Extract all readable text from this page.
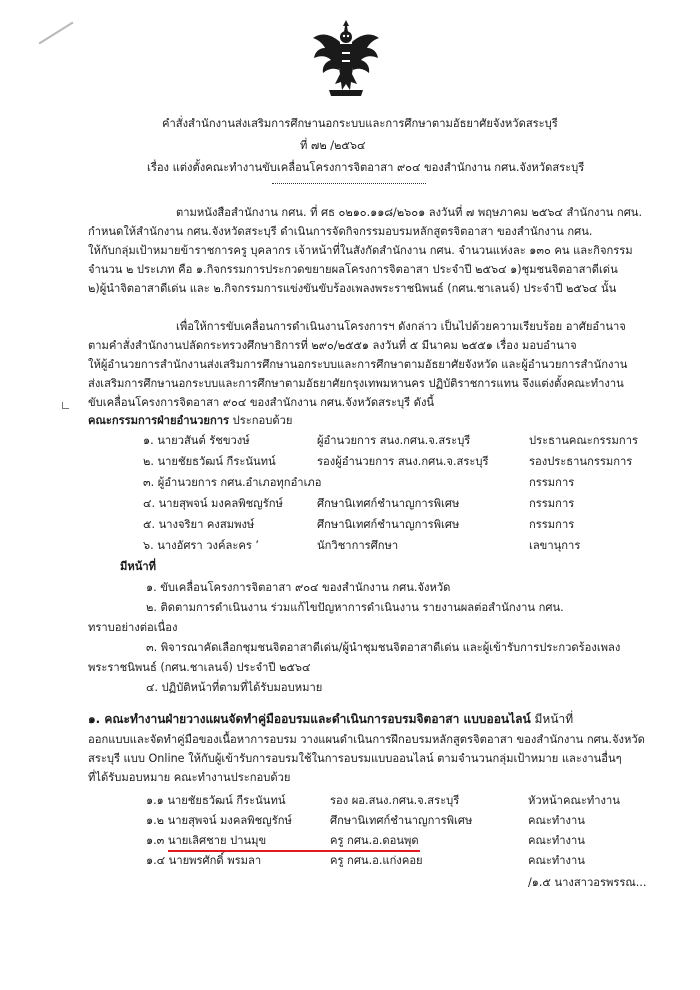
คำสั่งสำนักงานส่งเสริมการศึกษานอกระบบและการศึกษาตามอัธยาศัยจังหวัดสระบุรี
ที่ ๗๒ /๒๕๖๔
เรื่อง แต่งตั้งคณะทำงานขับเคลื่อนโครงการจิตอาสา ๙๐๔ ของสำนักงาน กศน.จังหวัดสระบุรี
ตามหนังสือสำนักงาน กศน. ที่ ศธ ๐๒๑๐.๑๑๘/๒๖๐๑ ลงวันที่ ๗ พฤษภาคม ๒๕๖๔ สำนักงาน กศน.
กำหนดให้สำนักงาน กศน.จังหวัดสระบุรี ดำเนินการจัดกิจกรรมอบรมหลักสูตรจิตอาสา ของสำนักงาน กศน.
ให้กับกลุ่มเป้าหมายข้าราชการครู บุคลากร เจ้าหน้าที่ในสังกัดสำนักงาน กศน. จำนวนแห่งละ ๑๓๐ คน และกิจกรรม
จำนวน ๒ ประเภท คือ ๑.กิจกรรมการประกวดขยายผลโครงการจิตอาสา ประจำปี ๒๕๖๔ ๑)ชุมชนจิตอาสาดีเด่น
๒)ผู้นำจิตอาสาดีเด่น และ ๒.กิจกรรมการแข่งขันขับร้องเพลงพระราชนิพนธ์ (กศน.ชาเลนจ์) ประจำปี ๒๕๖๔ นั้น
เพื่อให้การขับเคลื่อนการดำเนินงานโครงการฯ ดังกล่าว เป็นไปด้วยความเรียบร้อย อาศัยอำนาจ
ตามคำสั่งสำนักงานปลัดกระทรวงศึกษาธิการที่ ๒๙๐/๒๕๕๑ ลงวันที่ ๕ มีนาคม ๒๕๕๑ เรื่อง มอบอำนาจ
ให้ผู้อำนวยการสำนักงานส่งเสริมการศึกษานอกระบบและการศึกษาตามอัธยาศัยจังหวัด และผู้อำนวยการสำนักงาน
ส่งเสริมการศึกษานอกระบบและการศึกษาตามอัธยาศัยกรุงเทพมหานคร ปฏิบัติราชการแทน จึงแต่งตั้งคณะทำงาน
ขับเคลื่อนโครงการจิตอาสา ๙๐๔ ของสำนักงาน กศน.จังหวัดสระบุรี ดังนี้
คณะกรรมการฝ่ายอำนวยการ ประกอบด้วย
๑. นายวสันต์ รัชขวงษ์	ผู้อำนวยการ สนง.กศน.จ.สระบุรี	ประธานคณะกรรมการ
๒. นายชัยธวัฒน์ กีระนันทน์	รองผู้อำนวยการ สนง.กศน.จ.สระบุรี	รองประธานกรรมการ
๓. ผู้อำนวยการ กศน.อำเภอทุกอำเภอ	กรรมการ
๔. นายสุพจน์ มงคลพิชญรักษ์	ศึกษานิเทศก์ชำนาญการพิเศษ	กรรมการ
๕. นางจริยา คงสมพงษ์	ศึกษานิเทศก์ชำนาญการพิเศษ	กรรมการ
๖. นางอัศรา วงค์ละคร ’	นักวิชาการศึกษา	เลขานุการ
มีหน้าที่
๑. ขับเคลื่อนโครงการจิตอาสา ๙๐๔ ของสำนักงาน กศน.จังหวัด
๒. ติดตามการดำเนินงาน ร่วมแก้ไขปัญหาการดำเนินงาน รายงานผลต่อสำนักงาน กศน.
ทราบอย่างต่อเนื่อง
๓. พิจารณาคัดเลือกชุมชนจิตอาสาดีเด่น/ผู้นำชุมชนจิตอาสาดีเด่น และผู้เข้ารับการประกวดร้องเพลง
พระราชนิพนธ์ (กศน.ชาเลนจ์) ประจำปี ๒๕๖๔
๔. ปฏิบัติหน้าที่ตามที่ได้รับมอบหมาย
๑. คณะทำงานฝ่ายวางแผนจัดทำคู่มืออบรมและดำเนินการอบรมจิตอาสา แบบออนไลน์ มีหน้าที่
ออกแบบและจัดทำคู่มือของเนื้อหาการอบรม วางแผนดำเนินการฝึกอบรมหลักสูตรจิตอาสา ของสำนักงาน กศน.จังหวัด
สระบุรี แบบ Online ให้กับผู้เข้ารับการอบรมใช้ในการอบรมแบบออนไลน์ ตามจำนวนกลุ่มเป้าหมาย และงานอื่นๆ
ที่ได้รับมอบหมาย คณะทำงานประกอบด้วย
๑.๑ นายชัยธวัฒน์ กีระนันทน์	รอง ผอ.สนง.กศน.จ.สระบุรี	หัวหน้าคณะทำงาน
๑.๒ นายสุพจน์ มงคลพิชญรักษ์	ศึกษานิเทศก์ชำนาญการพิเศษ	คณะทำงาน
๑.๓ นายเลิศชาย ปานมุข	ครู กศน.อ.ดอนพุด	คณะทำงาน
๑.๔ นายพรศักดิ์ พรมลา	ครู กศน.อ.แก่งคอย	คณะทำงาน
/๑.๕ นางสาวอรพรรณ...
